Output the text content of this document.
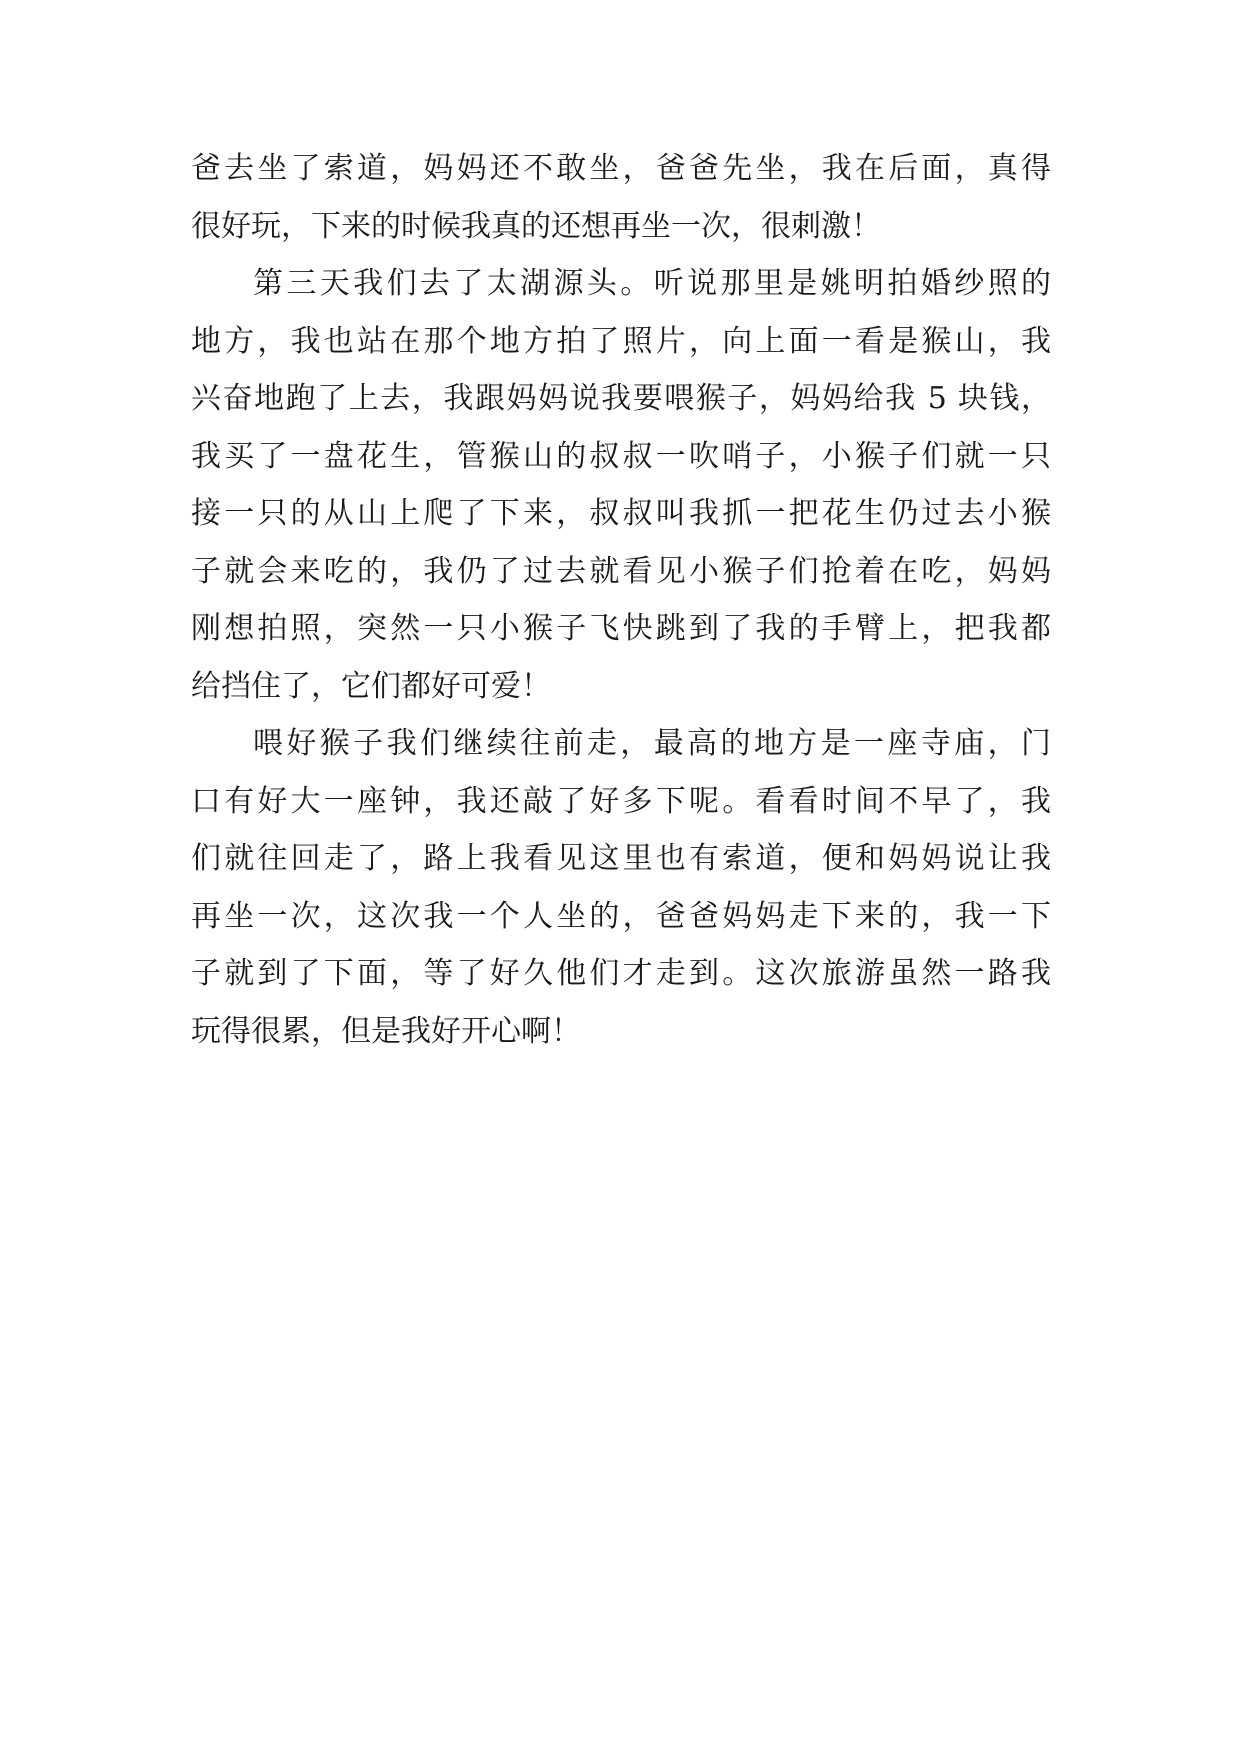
爸去坐了索道，妈妈还不敢坐，爸爸先坐，我在后面，真得
很好玩，下来的时候我真的还想再坐一次，很刺激！
第三天我们去了太湖源头。听说那里是姚明拍婚纱照的
地方，我也站在那个地方拍了照片，向上面一看是猴山，我
兴奋地跑了上去，我跟妈妈说我要喂猴子，妈妈给我 5 块钱，
我买了一盘花生，管猴山的叔叔一吹哨子，小猴子们就一只
接一只的从山上爬了下来，叔叔叫我抓一把花生仍过去小猴
子就会来吃的，我仍了过去就看见小猴子们抢着在吃，妈妈
刚想拍照，突然一只小猴子飞快跳到了我的手臂上，把我都
给挡住了，它们都好可爱！
喂好猴子我们继续往前走，最高的地方是一座寺庙，门
口有好大一座钟，我还敲了好多下呢。看看时间不早了，我
们就往回走了，路上我看见这里也有索道，便和妈妈说让我
再坐一次，这次我一个人坐的，爸爸妈妈走下来的，我一下
子就到了下面，等了好久他们才走到。这次旅游虽然一路我
玩得很累，但是我好开心啊！
